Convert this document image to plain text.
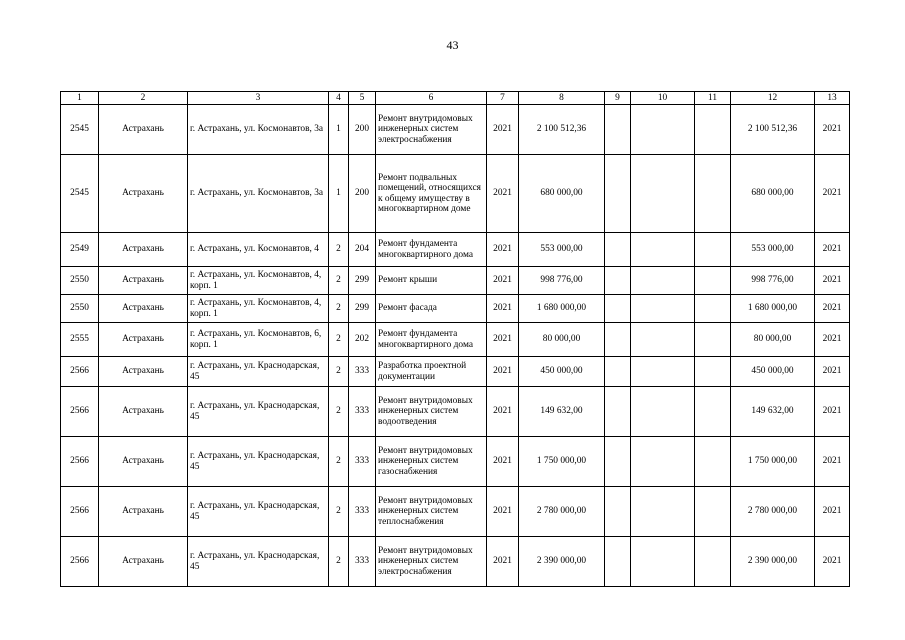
43
1	2	3	4	5	6	7	8	9	10	11	12	13
2545	Астрахань	г. Астрахань, ул. Космонавтов, 3а	1	200	Ремонт внутридомовых инженерных систем электроснабжения	2021	2 100 512,36				2 100 512,36	2021
2545	Астрахань	г. Астрахань, ул. Космонавтов, 3а	1	200	Ремонт подвальных помещений, относящихся к общему имуществу в многоквартирном доме	2021	680 000,00				680 000,00	2021
2549	Астрахань	г. Астрахань, ул. Космонавтов, 4	2	204	Ремонт фундамента многоквартирного дома	2021	553 000,00				553 000,00	2021
2550	Астрахань	г. Астрахань, ул. Космонавтов, 4, корп. 1	2	299	Ремонт крыши	2021	998 776,00				998 776,00	2021
2550	Астрахань	г. Астрахань, ул. Космонавтов, 4, корп. 1	2	299	Ремонт фасада	2021	1 680 000,00				1 680 000,00	2021
2555	Астрахань	г. Астрахань, ул. Космонавтов, 6, корп. 1	2	202	Ремонт фундамента многоквартирного дома	2021	80 000,00				80 000,00	2021
2566	Астрахань	г. Астрахань, ул. Краснодарская, 45	2	333	Разработка проектной документации	2021	450 000,00				450 000,00	2021
2566	Астрахань	г. Астрахань, ул. Краснодарская, 45	2	333	Ремонт внутридомовых инженерных систем водоотведения	2021	149 632,00				149 632,00	2021
2566	Астрахань	г. Астрахань, ул. Краснодарская, 45	2	333	Ремонт внутридомовых инженерных систем газоснабжения	2021	1 750 000,00				1 750 000,00	2021
2566	Астрахань	г. Астрахань, ул. Краснодарская, 45	2	333	Ремонт внутридомовых инженерных систем теплоснабжения	2021	2 780 000,00				2 780 000,00	2021
2566	Астрахань	г. Астрахань, ул. Краснодарская, 45	2	333	Ремонт внутридомовых инженерных систем электроснабжения	2021	2 390 000,00				2 390 000,00	2021
